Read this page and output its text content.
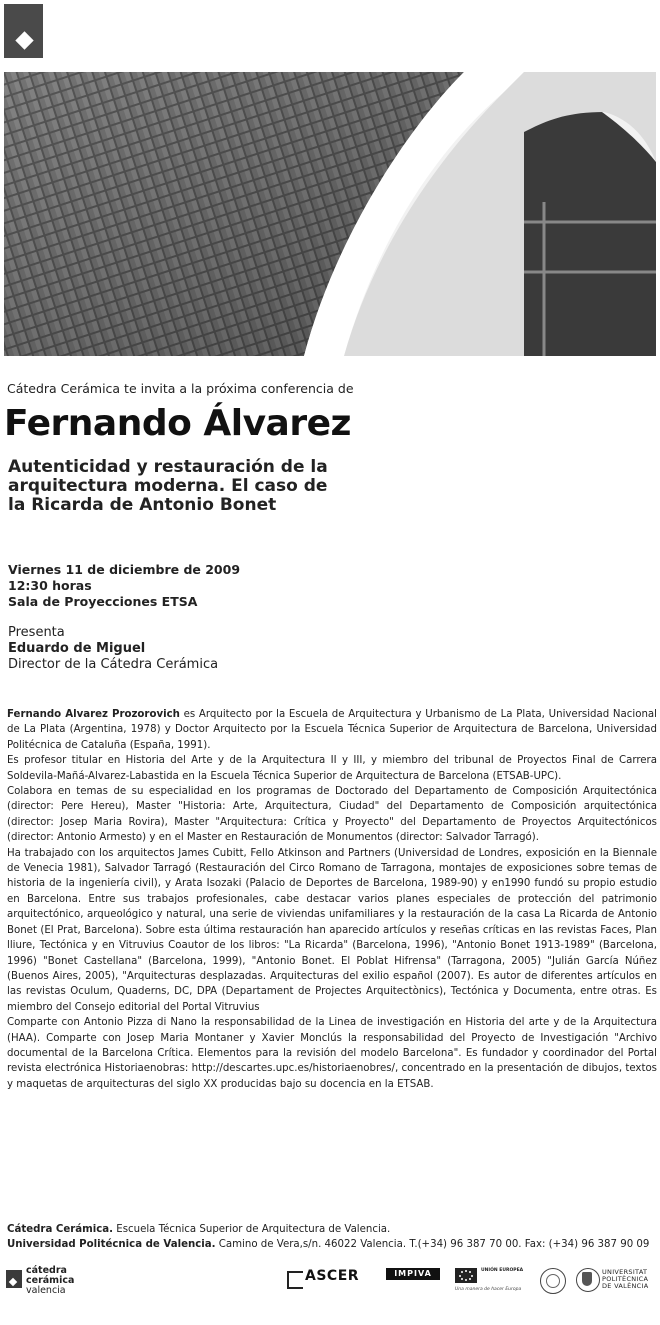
Cátedra Cerámica te invita a la próxima conferencia de
Fernando Álvarez
Autenticidad y restauración de la
arquitectura moderna. El caso de
la Ricarda de Antonio Bonet
Viernes 11 de diciembre de 2009
12:30 horas
Sala de Proyecciones ETSA
Presenta
Eduardo de Miguel
Director de la Cátedra Cerámica

Fernando Alvarez Prozorovich es Arquitecto por la Escuela de Arquitectura y Urbanismo de La Plata, Universidad Nacional de La Plata (Argentina, 1978) y Doctor Arquitecto por la Escuela Técnica Superior de Arquitectura de Barcelona, Universidad Politécnica de Cataluña (España, 1991).

Es profesor titular en Historia del Arte y de la Arquitectura II y III, y miembro del tribunal de Proyectos Final de Carrera Soldevila-Mañá-Alvarez-Labastida en la Escuela Técnica Superior de Arquitectura de Barcelona (ETSAB-UPC).

Colabora en temas de su especialidad en los programas de Doctorado del Departamento de Composición Arquitectónica (director: Pere Hereu), Master "Historia: Arte, Arquitectura, Ciudad" del Departamento de Composición arquitectónica (director: Josep Maria Rovira), Master "Arquitectura: Crítica y Proyecto" del Departamento de Proyectos Arquitectónicos (director: Antonio Armesto) y en el Master en Restauración de Monumentos (director: Salvador Tarragó).

Ha trabajado con los arquitectos James Cubitt, Fello Atkinson and Partners (Universidad de Londres, exposición en la Biennale de Venecia 1981), Salvador Tarragó (Restauración del Circo Romano de Tarragona, montajes de exposiciones sobre temas de historia de la ingeniería civil), y Arata Isozaki (Palacio de Deportes de Barcelona, 1989-90) y en1990 fundó su propio estudio en Barcelona. Entre sus trabajos profesionales, cabe destacar varios planes especiales de protección del patrimonio arquitectónico, arqueológico y natural, una serie de viviendas unifamiliares y la restauración de la casa La Ricarda de Antonio Bonet (El Prat, Barcelona). Sobre esta última restauración han aparecido artículos y reseñas críticas en las revistas Faces, Plan lliure, Tectónica y en Vitruvius Coautor de los libros: "La Ricarda" (Barcelona, 1996), "Antonio Bonet 1913-1989" (Barcelona, 1996) "Bonet Castellana" (Barcelona, 1999), "Antonio Bonet. El Poblat Hifrensa" (Tarragona, 2005) "Julián García Núñez (Buenos Aires, 2005), "Arquitecturas desplazadas. Arquitecturas del exilio español (2007). Es autor de diferentes artículos en las revistas Oculum, Quaderns, DC, DPA (Departament de Projectes Arquitectònics), Tectónica y Documenta, entre otras. Es miembro del Consejo editorial del Portal Vitruvius

Comparte con Antonio Pizza di Nano la responsabilidad de la Linea de investigación en Historia del arte y de la Arquitectura (HAA). Comparte con Josep Maria Montaner y Xavier Monclús la responsabilidad del Proyecto de Investigación "Archivo documental de la Barcelona Crítica. Elementos para la revisión del modelo Barcelona". Es fundador y coordinador del Portal revista electrónica Historiaenobras: http://descartes.upc.es/historiaenobres/, concentrado en la presentación de dibujos, textos y maquetas de arquitecturas del siglo XX producidas bajo su docencia en la ETSAB.

Cátedra Cerámica. Escuela Técnica Superior de Arquitectura de Valencia.
Universidad Politécnica de Valencia. Camino de Vera,s/n. 46022 Valencia. T.(+34) 96 387 70 00. Fax: (+34) 96 387 90 09
cátedra
cerámica
valencia
ASCER	IMPIVA	UNIÓN EUROPEA
Una manera de hacer Europa
UNIVERSITAT
POLITÈCNICA
DE VALÈNCIA
